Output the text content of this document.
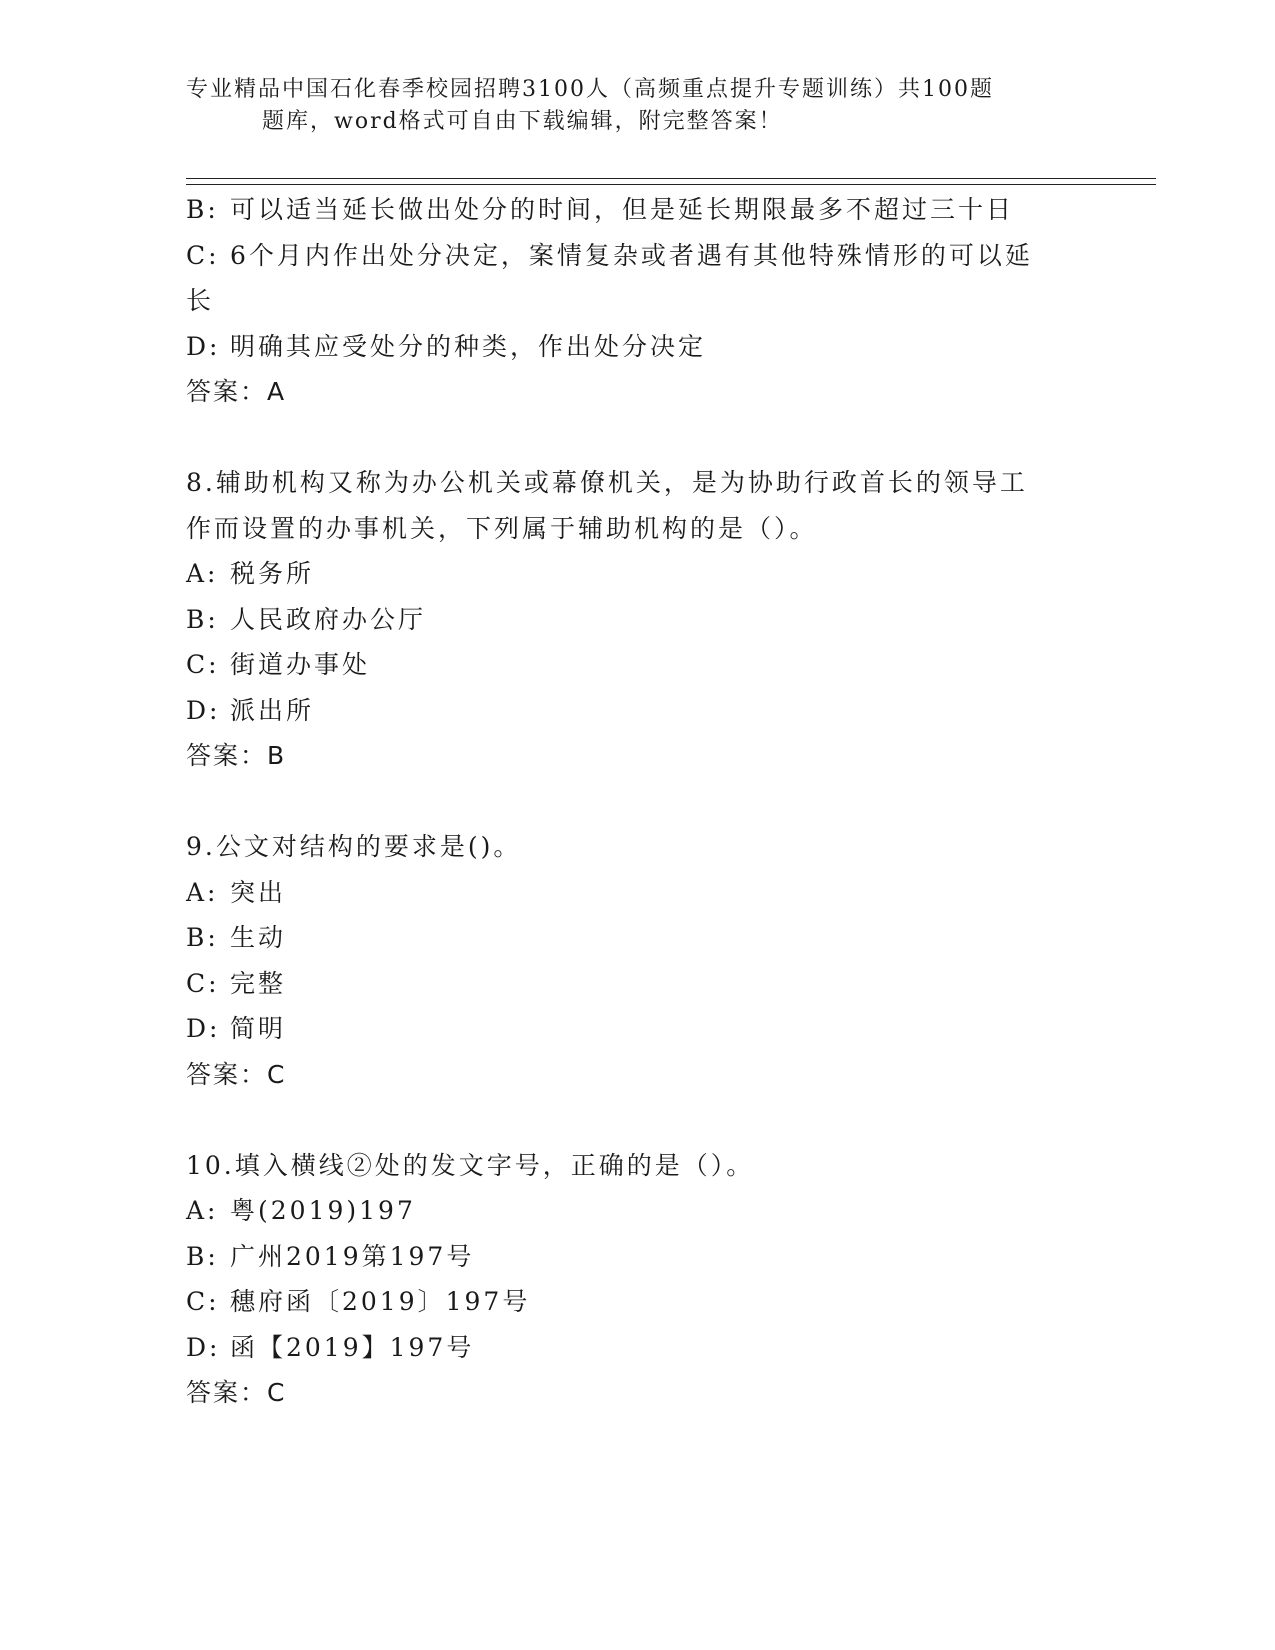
专业精品中国石化春季校园招聘3100人（高频重点提升专题训练）共100题
题库，word格式可自由下载编辑，附完整答案！
B: 可以适当延长做出处分的时间，但是延长期限最多不超过三十日
C: 6个月内作出处分决定，案情复杂或者遇有其他特殊情形的可以延
长
D: 明确其应受处分的种类，作出处分决定
答案：A
8.辅助机构又称为办公机关或幕僚机关，是为协助行政首长的领导工
作而设置的办事机关，下列属于辅助机构的是（）。
A: 税务所
B: 人民政府办公厅
C: 街道办事处
D: 派出所
答案：B
9.公文对结构的要求是()。
A: 突出
B: 生动
C: 完整
D: 简明
答案：C
10.填入横线②处的发文字号，正确的是（）。
A: 粤(2019)197
B: 广州2019第197号
C: 穗府函〔2019〕197号
D: 函【2019】197号
答案：C
